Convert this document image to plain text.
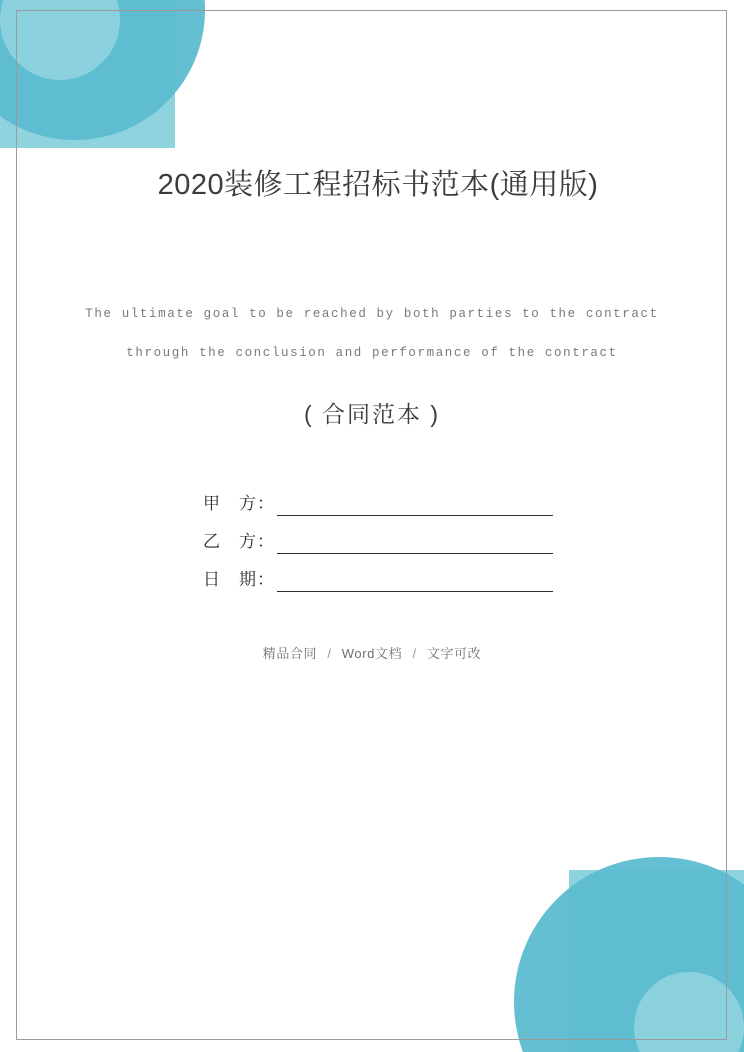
2020装修工程招标书范本(通用版)
The ultimate goal to be reached by both parties to the contract
through the conclusion and performance of the contract
( 合同范本 )
甲　方：
乙　方：
日　期：
精品合同 / Word文档 / 文字可改
